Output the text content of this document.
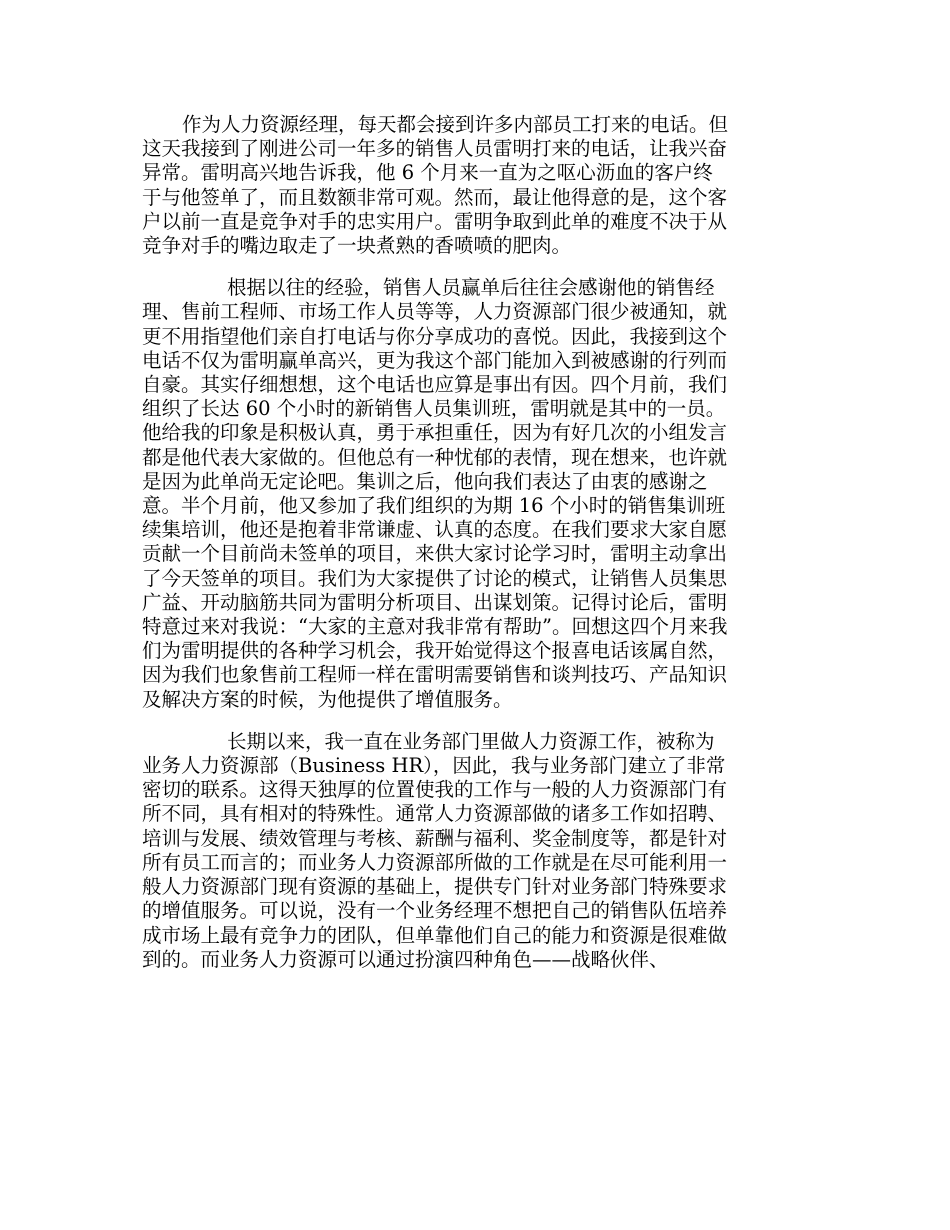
作为人力资源经理，每天都会接到许多内部员工打来的电话。但这天我接到了刚进公司一年多的销售人员雷明打来的电话，让我兴奋异常。雷明高兴地告诉我，他 6 个月来一直为之呕心沥血的客户终于与他签单了，而且数额非常可观。然而，最让他得意的是，这个客户以前一直是竞争对手的忠实用户。雷明争取到此单的难度不决于从竞争对手的嘴边取走了一块煮熟的香喷喷的肥肉。

根据以往的经验，销售人员赢单后往往会感谢他的销售经理、售前工程师、市场工作人员等等，人力资源部门很少被通知，就更不用指望他们亲自打电话与你分享成功的喜悦。因此，我接到这个电话不仅为雷明赢单高兴，更为我这个部门能加入到被感谢的行列而自豪。其实仔细想想，这个电话也应算是事出有因。四个月前，我们组织了长达 60 个小时的新销售人员集训班，雷明就是其中的一员。他给我的印象是积极认真，勇于承担重任，因为有好几次的小组发言都是他代表大家做的。但他总有一种忧郁的表情，现在想来，也许就是因为此单尚无定论吧。集训之后，他向我们表达了由衷的感谢之意。半个月前，他又参加了我们组织的为期 16 个小时的销售集训班续集培训，他还是抱着非常谦虚、认真的态度。在我们要求大家自愿贡献一个目前尚未签单的项目，来供大家讨论学习时，雷明主动拿出了今天签单的项目。我们为大家提供了讨论的模式，让销售人员集思广益、开动脑筋共同为雷明分析项目、出谋划策。记得讨论后，雷明特意过来对我说：“大家的主意对我非常有帮助”。回想这四个月来我们为雷明提供的各种学习机会，我开始觉得这个报喜电话该属自然，因为我们也象售前工程师一样在雷明需要销售和谈判技巧、产品知识及解决方案的时候，为他提供了增值服务。

长期以来，我一直在业务部门里做人力资源工作，被称为业务人力资源部（Business HR），因此，我与业务部门建立了非常密切的联系。这得天独厚的位置使我的工作与一般的人力资源部门有所不同，具有相对的特殊性。通常人力资源部做的诸多工作如招聘、培训与发展、绩效管理与考核、薪酬与福利、奖金制度等，都是针对所有员工而言的；而业务人力资源部所做的工作就是在尽可能利用一般人力资源部门现有资源的基础上，提供专门针对业务部门特殊要求的增值服务。可以说，没有一个业务经理不想把自己的销售队伍培养成市场上最有竞争力的团队，但单靠他们自己的能力和资源是很难做到的。而业务人力资源可以通过扮演四种角色——战略伙伴、
